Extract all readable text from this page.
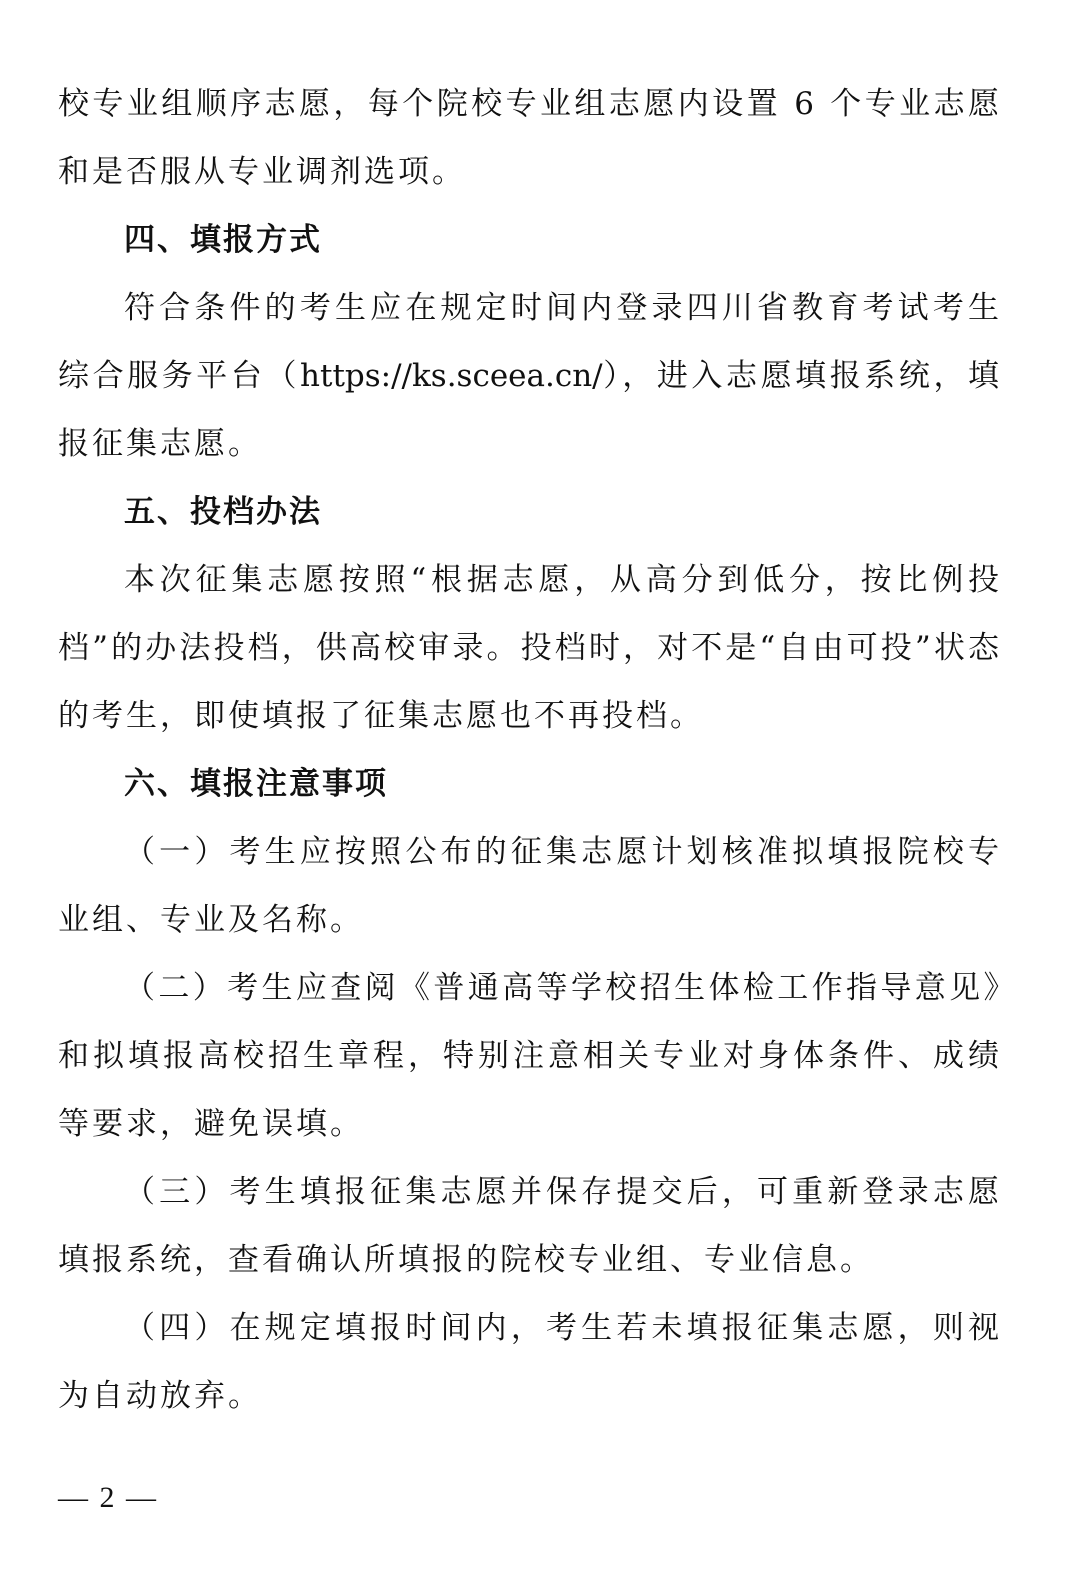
校专业组顺序志愿，每个院校专业组志愿内设置 6 个专业志愿和是否服从专业调剂选项。

四、填报方式

符合条件的考生应在规定时间内登录四川省教育考试考生综合服务平台（https://ks.sceea.cn/），进入志愿填报系统，填报征集志愿。

五、投档办法

本次征集志愿按照“根据志愿，从高分到低分，按比例投档”的办法投档，供高校审录。投档时，对不是“自由可投”状态的考生，即使填报了征集志愿也不再投档。

六、填报注意事项

（一）考生应按照公布的征集志愿计划核准拟填报院校专业组、专业及名称。

（二）考生应查阅《普通高等学校招生体检工作指导意见》和拟填报高校招生章程，特别注意相关专业对身体条件、成绩等要求，避免误填。

（三）考生填报征集志愿并保存提交后，可重新登录志愿填报系统，查看确认所填报的院校专业组、专业信息。

（四）在规定填报时间内，考生若未填报征集志愿，则视为自动放弃。

— 2 —
